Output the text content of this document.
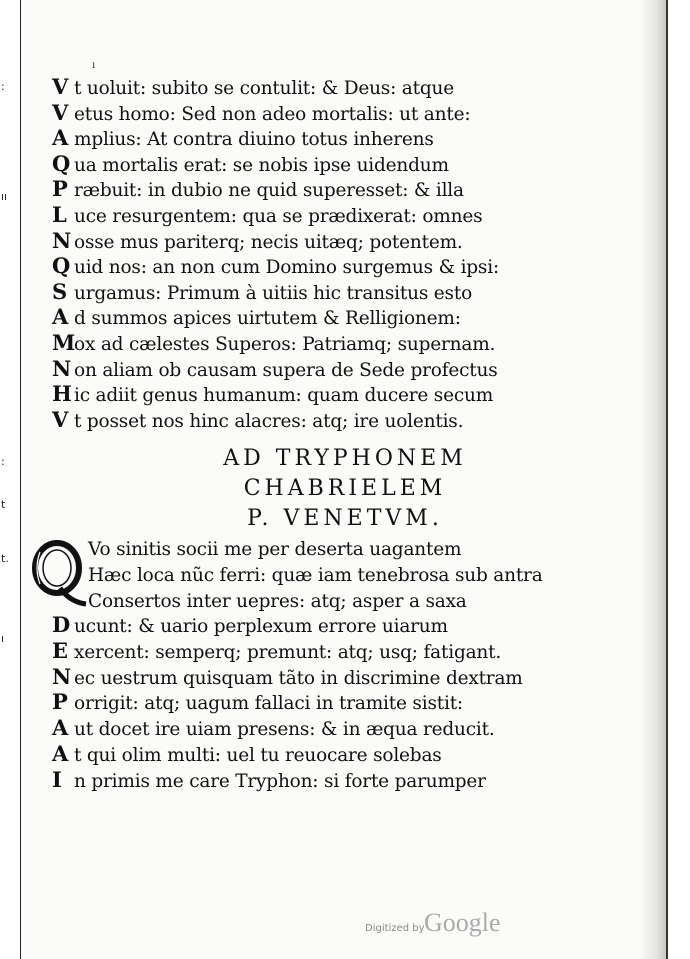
:
ıı
:
t
t.
ı
ı
V t uoluit: subito se contulit: & Deus: atque
V etus homo: Sed non adeo mortalis: ut ante:
A mplius: At contra diuino totus inherens
Q ua mortalis erat: se nobis ipse uidendum
P ræbuit: in dubio ne quid superesset: & illa
L uce resurgentem: qua se prædixerat: omnes
N osse mus pariterq; necis uitæq; potentem.
Q uid nos: an non cum Domino surgemus & ipsi:
S urgamus: Primum à uitiis hic transitus esto
A d summos apices uirtutem & Relligionem:
Mox ad cælestes Superos: Patriamq; supernam.
N on aliam ob causam supera de Sede profectus
H ic adiit genus humanum: quam ducere secum
V t posset nos hinc alacres: atq; ire uolentis.
AD TRYPHONEM
CHABRIELEM
P. VENETVM.
Vo sinitis socii me per deserta uagantem
Hæc loca nũc ferri: quæ iam tenebrosa sub antra
Consertos inter uepres: atq; asper a saxa
D ucunt: & uario perplexum errore uiarum
E xercent: semperq; premunt: atq; usq; fatigant.
N ec uestrum quisquam tãto in discrimine dextram
P orrigit: atq; uagum fallaci in tramite sistit:
A ut docet ire uiam presens: & in æqua reducit.
A t qui olim multi: uel tu reuocare solebas
I n primis me care Tryphon: si forte parumper
Digitized by Google
